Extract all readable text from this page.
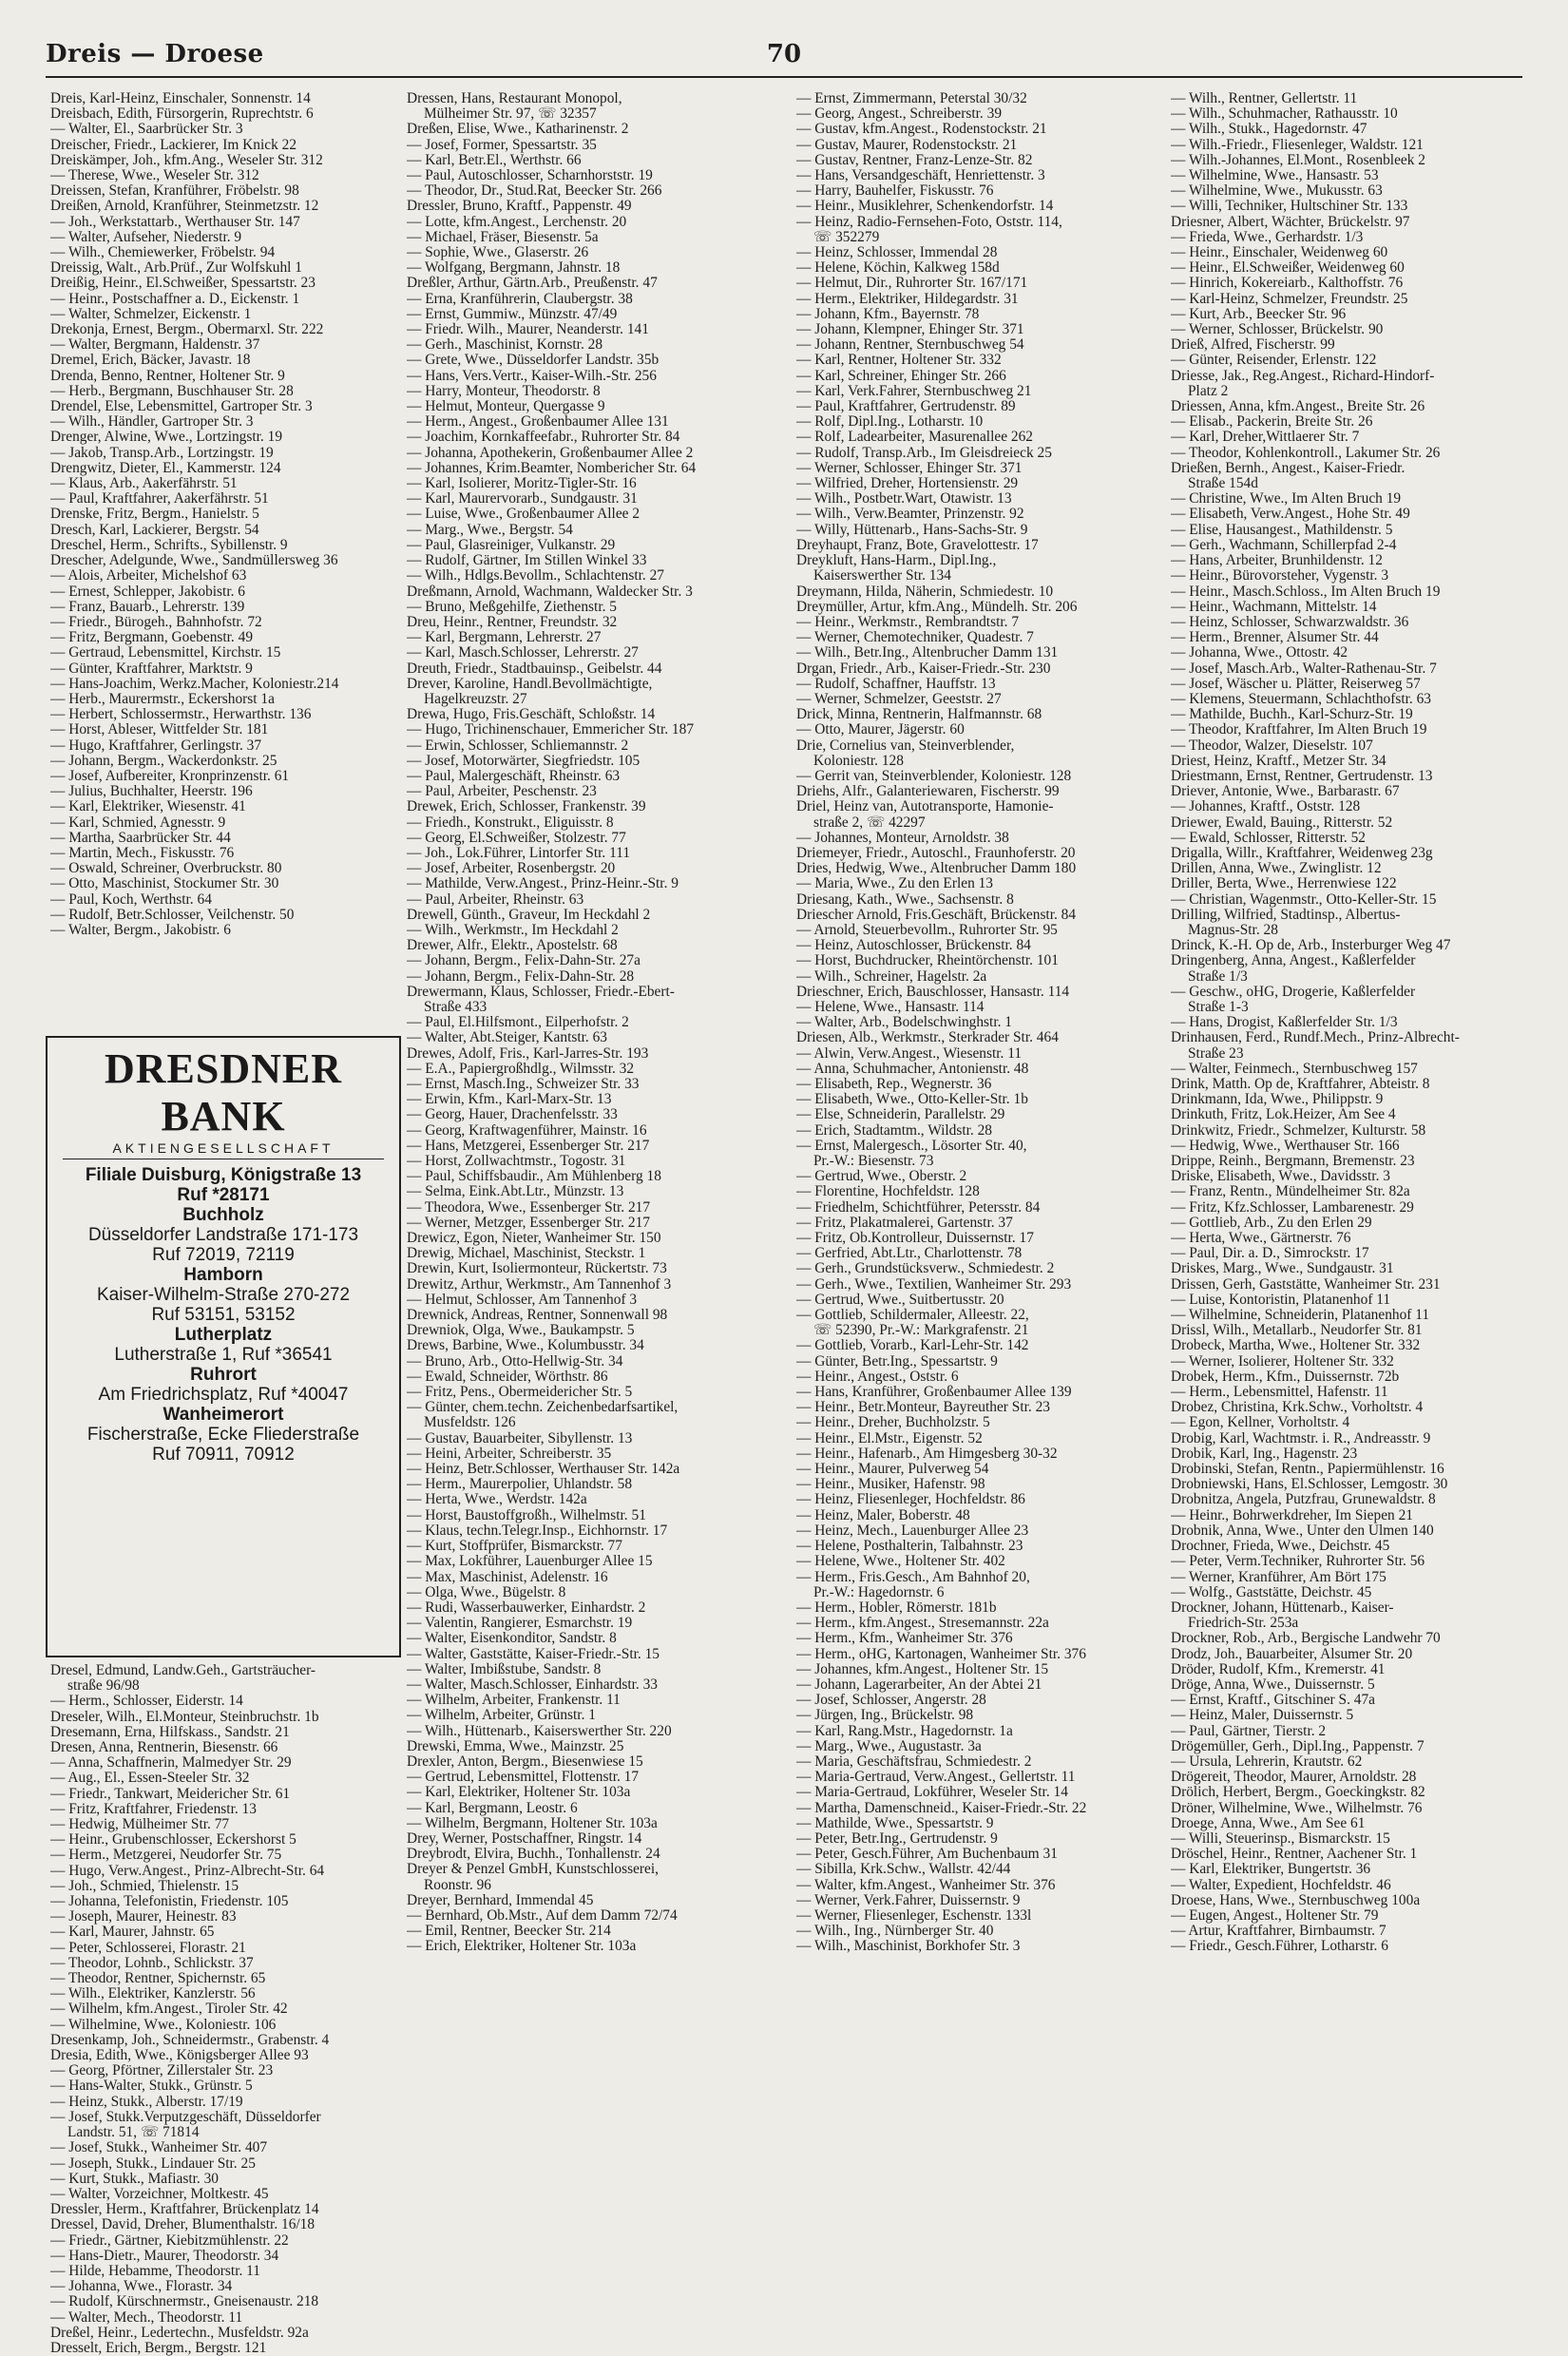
Dreis — Droese	70
Dreis, Karl-Heinz, Einschaler, Sonnenstr. 14
Dreisbach, Edith, Fürsorgerin, Ruprechtstr. 6
— Walter, El., Saarbrücker Str. 3
Dreischer, Friedr., Lackierer, Im Knick 22
Dreiskämper, Joh., kfm.Ang., Weseler Str. 312
— Therese, Wwe., Weseler Str. 312
Dreissen, Stefan, Kranführer, Fröbelstr. 98
Dreißen, Arnold, Kranführer, Steinmetzstr. 12
— Joh., Werkstattarb., Werthauser Str. 147
— Walter, Aufseher, Niederstr. 9
— Wilh., Chemiewerker, Fröbelstr. 94
Dreissig, Walt., Arb.Prüf., Zur Wolfskuhl 1
Dreißig, Heinr., El.Schweißer, Spessartstr. 23
— Heinr., Postschaffner a. D., Eickenstr. 1
— Walter, Schmelzer, Eickenstr. 1
Drekonja, Ernest, Bergm., Obermarxl. Str. 222
— Walter, Bergmann, Haldenstr. 37
Dremel, Erich, Bäcker, Javastr. 18
Drenda, Benno, Rentner, Holtener Str. 9
— Herb., Bergmann, Buschhauser Str. 28
Drendel, Else, Lebensmittel, Gartroper Str. 3
— Wilh., Händler, Gartroper Str. 3
Drenger, Alwine, Wwe., Lortzingstr. 19
— Jakob, Transp.Arb., Lortzingstr. 19
Drengwitz, Dieter, El., Kammerstr. 124
— Klaus, Arb., Aakerfährstr. 51
— Paul, Kraftfahrer, Aakerfährstr. 51
Drenske, Fritz, Bergm., Hanielstr. 5
Dresch, Karl, Lackierer, Bergstr. 54
Dreschel, Herm., Schrifts., Sybillenstr. 9
Drescher, Adelgunde, Wwe., Sandmüllersweg 36
— Alois, Arbeiter, Michelshof 63
— Ernest, Schlepper, Jakobistr. 6
— Franz, Bauarb., Lehrerstr. 139
— Friedr., Bürogeh., Bahnhofstr. 72
— Fritz, Bergmann, Goebenstr. 49
— Gertraud, Lebensmittel, Kirchstr. 15
— Günter, Kraftfahrer, Marktstr. 9
— Hans-Joachim, Werkz.Macher, Koloniestr.214
— Herb., Maurermstr., Eckershorst 1a
— Herbert, Schlossermstr., Herwarthstr. 136
— Horst, Ableser, Wittfelder Str. 181
— Hugo, Kraftfahrer, Gerlingstr. 37
— Johann, Bergm., Wackerdonkstr. 25
— Josef, Aufbereiter, Kronprinzenstr. 61
— Julius, Buchhalter, Heerstr. 196
— Karl, Elektriker, Wiesenstr. 41
— Karl, Schmied, Agnesstr. 9
— Martha, Saarbrücker Str. 44
— Martin, Mech., Fiskusstr. 76
— Oswald, Schreiner, Overbruckstr. 80
— Otto, Maschinist, Stockumer Str. 30
— Paul, Koch, Werthstr. 64
— Rudolf, Betr.Schlosser, Veilchenstr. 50
— Walter, Bergm., Jakobistr. 6
DRESDNER BANK
AKTIENGESELLSCHAFT
Filiale Duisburg, Königstraße 13
Ruf *28171
Buchholz
Düsseldorfer Landstraße 171-173
Ruf 72019, 72119
Hamborn
Kaiser-Wilhelm-Straße 270-272
Ruf 53151, 53152
Lutherplatz
Lutherstraße 1, Ruf *36541
Ruhrort
Am Friedrichsplatz, Ruf *40047
Wanheimerort
Fischerstraße, Ecke Fliederstraße
Ruf 70911, 70912
Dresel, Edmund, Landw.Geh., Gartsträucher-
straße 96/98
— Herm., Schlosser, Eiderstr. 14
Dreseler, Wilh., El.Monteur, Steinbruchstr. 1b
Dresemann, Erna, Hilfskass., Sandstr. 21
Dresen, Anna, Rentnerin, Biesenstr. 66
— Anna, Schaffnerin, Malmedyer Str. 29
— Aug., El., Essen-Steeler Str. 32
— Friedr., Tankwart, Meidericher Str. 61
— Fritz, Kraftfahrer, Friedenstr. 13
— Hedwig, Mülheimer Str. 77
— Heinr., Grubenschlosser, Eckershorst 5
— Herm., Metzgerei, Neudorfer Str. 75
— Hugo, Verw.Angest., Prinz-Albrecht-Str. 64
— Joh., Schmied, Thielenstr. 15
— Johanna, Telefonistin, Friedenstr. 105
— Joseph, Maurer, Heinestr. 83
— Karl, Maurer, Jahnstr. 65
— Peter, Schlosserei, Florastr. 21
— Theodor, Lohnb., Schlickstr. 37
— Theodor, Rentner, Spichernstr. 65
— Wilh., Elektriker, Kanzlerstr. 56
— Wilhelm, kfm.Angest., Tiroler Str. 42
— Wilhelmine, Wwe., Koloniestr. 106
Dresenkamp, Joh., Schneidermstr., Grabenstr. 4
Dresia, Edith, Wwe., Königsberger Allee 93
— Georg, Pförtner, Zillerstaler Str. 23
— Hans-Walter, Stukk., Grünstr. 5
— Heinz, Stukk., Alberstr. 17/19
— Josef, Stukk.Verputzgeschäft, Düsseldorfer
Landstr. 51, ☏ 71814
— Josef, Stukk., Wanheimer Str. 407
— Joseph, Stukk., Lindauer Str. 25
— Kurt, Stukk., Mafiastr. 30
— Walter, Vorzeichner, Moltkestr. 45
Dressler, Herm., Kraftfahrer, Brückenplatz 14
Dressel, David, Dreher, Blumenthalstr. 16/18
— Friedr., Gärtner, Kiebitzmühlenstr. 22
— Hans-Dietr., Maurer, Theodorstr. 34
— Hilde, Hebamme, Theodorstr. 11
— Johanna, Wwe., Florastr. 34
— Rudolf, Kürschnermstr., Gneisenaustr. 218
— Walter, Mech., Theodorstr. 11
Dreßel, Heinr., Ledertechn., Musfeldstr. 92a
Dresselt, Erich, Bergm., Bergstr. 121
Dressen, Hans, Restaurant Monopol,
Mülheimer Str. 97, ☏ 32357
Dreßen, Elise, Wwe., Katharinenstr. 2
— Josef, Former, Spessartstr. 35
— Karl, Betr.El., Werthstr. 66
— Paul, Autoschlosser, Scharnhorststr. 19
— Theodor, Dr., Stud.Rat, Beecker Str. 266
Dressler, Bruno, Kraftf., Pappenstr. 49
— Lotte, kfm.Angest., Lerchenstr. 20
— Michael, Fräser, Biesenstr. 5a
— Sophie, Wwe., Glaserstr. 26
— Wolfgang, Bergmann, Jahnstr. 18
Dreßler, Arthur, Gärtn.Arb., Preußenstr. 47
— Erna, Kranführerin, Claubergstr. 38
— Ernst, Gummiw., Münzstr. 47/49
— Friedr. Wilh., Maurer, Neanderstr. 141
— Gerh., Maschinist, Kornstr. 28
— Grete, Wwe., Düsseldorfer Landstr. 35b
— Hans, Vers.Vertr., Kaiser-Wilh.-Str. 256
— Harry, Monteur, Theodorstr. 8
— Helmut, Monteur, Quergasse 9
— Herm., Angest., Großenbaumer Allee 131
— Joachim, Kornkaffeefabr., Ruhrorter Str. 84
— Johanna, Apothekerin, Großenbaumer Allee 2
— Johannes, Krim.Beamter, Nombericher Str. 64
— Karl, Isolierer, Moritz-Tigler-Str. 16
— Karl, Maurervorarb., Sundgaustr. 31
— Luise, Wwe., Großenbaumer Allee 2
— Marg., Wwe., Bergstr. 54
— Paul, Glasreiniger, Vulkanstr. 29
— Rudolf, Gärtner, Im Stillen Winkel 33
— Wilh., Hdlgs.Bevollm., Schlachtenstr. 27
Dreßmann, Arnold, Wachmann, Waldecker Str. 3
— Bruno, Meßgehilfe, Ziethenstr. 5
Dreu, Heinr., Rentner, Freundstr. 32
— Karl, Bergmann, Lehrerstr. 27
— Karl, Masch.Schlosser, Lehrerstr. 27
Dreuth, Friedr., Stadtbauinsp., Geibelstr. 44
Drever, Karoline, Handl.Bevollmächtigte,
Hagelkreuzstr. 27
Drewa, Hugo, Fris.Geschäft, Schloßstr. 14
— Hugo, Trichinenschauer, Emmericher Str. 187
— Erwin, Schlosser, Schliemannstr. 2
— Josef, Motorwärter, Siegfriedstr. 105
— Paul, Malergeschäft, Rheinstr. 63
— Paul, Arbeiter, Peschenstr. 23
Drewek, Erich, Schlosser, Frankenstr. 39
— Friedh., Konstrukt., Eliguisstr. 8
— Georg, El.Schweißer, Stolzestr. 77
— Joh., Lok.Führer, Lintorfer Str. 111
— Josef, Arbeiter, Rosenbergstr. 20
— Mathilde, Verw.Angest., Prinz-Heinr.-Str. 9
— Paul, Arbeiter, Rheinstr. 63
Drewell, Günth., Graveur, Im Heckdahl 2
— Wilh., Werkmstr., Im Heckdahl 2
Drewer, Alfr., Elektr., Apostelstr. 68
— Johann, Bergm., Felix-Dahn-Str. 27a
— Johann, Bergm., Felix-Dahn-Str. 28
Drewermann, Klaus, Schlosser, Friedr.-Ebert-
Straße 433
— Paul, El.Hilfsmont., Eilperhofstr. 2
— Walter, Abt.Steiger, Kantstr. 63
Drewes, Adolf, Fris., Karl-Jarres-Str. 193
— E.A., Papiergroßhdlg., Wilmsstr. 32
— Ernst, Masch.Ing., Schweizer Str. 33
— Erwin, Kfm., Karl-Marx-Str. 13
— Georg, Hauer, Drachenfelsstr. 33
— Georg, Kraftwagenführer, Mainstr. 16
— Hans, Metzgerei, Essenberger Str. 217
— Horst, Zollwachtmstr., Togostr. 31
— Paul, Schiffsbaudir., Am Mühlenberg 18
— Selma, Eink.Abt.Ltr., Münzstr. 13
— Theodora, Wwe., Essenberger Str. 217
— Werner, Metzger, Essenberger Str. 217
Drewicz, Egon, Nieter, Wanheimer Str. 150
Drewig, Michael, Maschinist, Steckstr. 1
Drewin, Kurt, Isoliermonteur, Rückertstr. 73
Drewitz, Arthur, Werkmstr., Am Tannenhof 3
— Helmut, Schlosser, Am Tannenhof 3
Drewnick, Andreas, Rentner, Sonnenwall 98
Drewniok, Olga, Wwe., Baukampstr. 5
Drews, Barbine, Wwe., Kolumbusstr. 34
— Bruno, Arb., Otto-Hellwig-Str. 34
— Ewald, Schneider, Wörthstr. 86
— Fritz, Pens., Obermeidericher Str. 5
— Günter, chem.techn. Zeichenbedarfsartikel,
Musfeldstr. 126
— Gustav, Bauarbeiter, Sibyllenstr. 13
— Heini, Arbeiter, Schreiberstr. 35
— Heinz, Betr.Schlosser, Werthauser Str. 142a
— Herm., Maurerpolier, Uhlandstr. 58
— Herta, Wwe., Werdstr. 142a
— Horst, Baustoffgroßh., Wilhelmstr. 51
— Klaus, techn.Telegr.Insp., Eichhornstr. 17
— Kurt, Stoffprüfer, Bismarckstr. 77
— Max, Lokführer, Lauenburger Allee 15
— Max, Maschinist, Adelenstr. 16
— Olga, Wwe., Bügelstr. 8
— Rudi, Wasserbauwerker, Einhardstr. 2
— Valentin, Rangierer, Esmarchstr. 19
— Walter, Eisenkonditor, Sandstr. 8
— Walter, Gaststätte, Kaiser-Friedr.-Str. 15
— Walter, Imbißstube, Sandstr. 8
— Walter, Masch.Schlosser, Einhardstr. 33
— Wilhelm, Arbeiter, Frankenstr. 11
— Wilhelm, Arbeiter, Grünstr. 1
— Wilh., Hüttenarb., Kaiserswerther Str. 220
Drewski, Emma, Wwe., Mainzstr. 25
Drexler, Anton, Bergm., Biesenwiese 15
— Gertrud, Lebensmittel, Flottenstr. 17
— Karl, Elektriker, Holtener Str. 103a
— Karl, Bergmann, Leostr. 6
— Wilhelm, Bergmann, Holtener Str. 103a
Drey, Werner, Postschaffner, Ringstr. 14
Dreybrodt, Elvira, Buchh., Tonhallenstr. 24
Dreyer & Penzel GmbH, Kunstschlosserei,
Roonstr. 96
Dreyer, Bernhard, Immendal 45
— Bernhard, Ob.Mstr., Auf dem Damm 72/74
— Emil, Rentner, Beecker Str. 214
— Erich, Elektriker, Holtener Str. 103a
— Ernst, Zimmermann, Peterstal 30/32
— Georg, Angest., Schreiberstr. 39
— Gustav, kfm.Angest., Rodenstockstr. 21
— Gustav, Maurer, Rodenstockstr. 21
— Gustav, Rentner, Franz-Lenze-Str. 82
— Hans, Versandgeschäft, Henriettenstr. 3
— Harry, Bauhelfer, Fiskusstr. 76
— Heinr., Musiklehrer, Schenkendorfstr. 14
— Heinz, Radio-Fernsehen-Foto, Oststr. 114,
☏ 352279
— Heinz, Schlosser, Immendal 28
— Helene, Köchin, Kalkweg 158d
— Helmut, Dir., Ruhrorter Str. 167/171
— Herm., Elektriker, Hildegardstr. 31
— Johann, Kfm., Bayernstr. 78
— Johann, Klempner, Ehinger Str. 371
— Johann, Rentner, Sternbuschweg 54
— Karl, Rentner, Holtener Str. 332
— Karl, Schreiner, Ehinger Str. 266
— Karl, Verk.Fahrer, Sternbuschweg 21
— Paul, Kraftfahrer, Gertrudenstr. 89
— Rolf, Dipl.Ing., Lotharstr. 10
— Rolf, Ladearbeiter, Masurenallee 262
— Rudolf, Transp.Arb., Im Gleisdreieck 25
— Werner, Schlosser, Ehinger Str. 371
— Wilfried, Dreher, Hortensienstr. 29
— Wilh., Postbetr.Wart, Otawistr. 13
— Wilh., Verw.Beamter, Prinzenstr. 92
— Willy, Hüttenarb., Hans-Sachs-Str. 9
Dreyhaupt, Franz, Bote, Gravelottestr. 17
Dreykluft, Hans-Harm., Dipl.Ing.,
Kaiserswerther Str. 134
Dreymann, Hilda, Näherin, Schmiedestr. 10
Dreymüller, Artur, kfm.Ang., Mündelh. Str. 206
— Heinr., Werkmstr., Rembrandtstr. 7
— Werner, Chemotechniker, Quadestr. 7
— Wilh., Betr.Ing., Altenbrucher Damm 131
Drgan, Friedr., Arb., Kaiser-Friedr.-Str. 230
— Rudolf, Schaffner, Hauffstr. 13
— Werner, Schmelzer, Geeststr. 27
Drick, Minna, Rentnerin, Halfmannstr. 68
— Otto, Maurer, Jägerstr. 60
Drie, Cornelius van, Steinverblender,
Koloniestr. 128
— Gerrit van, Steinverblender, Koloniestr. 128
Driehs, Alfr., Galanteriewaren, Fischerstr. 99
Driel, Heinz van, Autotransporte, Hamonie-
straße 2, ☏ 42297
— Johannes, Monteur, Arnoldstr. 38
Driemeyer, Friedr., Autoschl., Fraunhoferstr. 20
Dries, Hedwig, Wwe., Altenbrucher Damm 180
— Maria, Wwe., Zu den Erlen 13
Driesang, Kath., Wwe., Sachsenstr. 8
Driescher Arnold, Fris.Geschäft, Brückenstr. 84
— Arnold, Steuerbevollm., Ruhrorter Str. 95
— Heinz, Autoschlosser, Brückenstr. 84
— Horst, Buchdrucker, Rheintörchenstr. 101
— Wilh., Schreiner, Hagelstr. 2a
Drieschner, Erich, Bauschlosser, Hansastr. 114
— Helene, Wwe., Hansastr. 114
— Walter, Arb., Bodelschwinghstr. 1
Driesen, Alb., Werkmstr., Sterkrader Str. 464
— Alwin, Verw.Angest., Wiesenstr. 11
— Anna, Schuhmacher, Antonienstr. 48
— Elisabeth, Rep., Wegnerstr. 36
— Elisabeth, Wwe., Otto-Keller-Str. 1b
— Else, Schneiderin, Parallelstr. 29
— Erich, Stadtamtm., Wildstr. 28
— Ernst, Malergesch., Lösorter Str. 40,
Pr.-W.: Biesenstr. 73
— Gertrud, Wwe., Oberstr. 2
— Florentine, Hochfeldstr. 128
— Friedhelm, Schichtführer, Petersstr. 84
— Fritz, Plakatmalerei, Gartenstr. 37
— Fritz, Ob.Kontrolleur, Duissernstr. 17
— Gerfried, Abt.Ltr., Charlottenstr. 78
— Gerh., Grundstücksverw., Schmiedestr. 2
— Gerh., Wwe., Textilien, Wanheimer Str. 293
— Gertrud, Wwe., Suitbertusstr. 20
— Gottlieb, Schildermaler, Alleestr. 22,
☏ 52390, Pr.-W.: Markgrafenstr. 21
— Gottlieb, Vorarb., Karl-Lehr-Str. 142
— Günter, Betr.Ing., Spessartstr. 9
— Heinr., Angest., Oststr. 6
— Hans, Kranführer, Großenbaumer Allee 139
— Heinr., Betr.Monteur, Bayreuther Str. 23
— Heinr., Dreher, Buchholzstr. 5
— Heinr., El.Mstr., Eigenstr. 52
— Heinr., Hafenarb., Am Himgesberg 30-32
— Heinr., Maurer, Pulverweg 54
— Heinr., Musiker, Hafenstr. 98
— Heinz, Fliesenleger, Hochfeldstr. 86
— Heinz, Maler, Boberstr. 48
— Heinz, Mech., Lauenburger Allee 23
— Helene, Posthalterin, Talbahnstr. 23
— Helene, Wwe., Holtener Str. 402
— Herm., Fris.Gesch., Am Bahnhof 20,
Pr.-W.: Hagedornstr. 6
— Herm., Hobler, Römerstr. 181b
— Herm., kfm.Angest., Stresemannstr. 22a
— Herm., Kfm., Wanheimer Str. 376
— Herm., oHG, Kartonagen, Wanheimer Str. 376
— Johannes, kfm.Angest., Holtener Str. 15
— Johann, Lagerarbeiter, An der Abtei 21
— Josef, Schlosser, Angerstr. 28
— Jürgen, Ing., Brückelstr. 98
— Karl, Rang.Mstr., Hagedornstr. 1a
— Marg., Wwe., Augustastr. 3a
— Maria, Geschäftsfrau, Schmiedestr. 2
— Maria-Gertraud, Verw.Angest., Gellertstr. 11
— Maria-Gertraud, Lokführer, Weseler Str. 14
— Martha, Damenschneid., Kaiser-Friedr.-Str. 22
— Mathilde, Wwe., Spessartstr. 9
— Peter, Betr.Ing., Gertrudenstr. 9
— Peter, Gesch.Führer, Am Buchenbaum 31
— Sibilla, Krk.Schw., Wallstr. 42/44
— Walter, kfm.Angest., Wanheimer Str. 376
— Werner, Verk.Fahrer, Duissernstr. 9
— Werner, Fliesenleger, Eschenstr. 133l
— Wilh., Ing., Nürnberger Str. 40
— Wilh., Maschinist, Borkhofer Str. 3
— Wilh., Rentner, Gellertstr. 11
— Wilh., Schuhmacher, Rathausstr. 10
— Wilh., Stukk., Hagedornstr. 47
— Wilh.-Friedr., Fliesenleger, Waldstr. 121
— Wilh.-Johannes, El.Mont., Rosenbleek 2
— Wilhelmine, Wwe., Hansastr. 53
— Wilhelmine, Wwe., Mukusstr. 63
— Willi, Techniker, Hultschiner Str. 133
Driesner, Albert, Wächter, Brückelstr. 97
— Frieda, Wwe., Gerhardstr. 1/3
— Heinr., Einschaler, Weidenweg 60
— Heinr., El.Schweißer, Weidenweg 60
— Hinrich, Kokereiarb., Kalthoffstr. 76
— Karl-Heinz, Schmelzer, Freundstr. 25
— Kurt, Arb., Beecker Str. 96
— Werner, Schlosser, Brückelstr. 90
Drieß, Alfred, Fischerstr. 99
— Günter, Reisender, Erlenstr. 122
Driesse, Jak., Reg.Angest., Richard-Hindorf-
Platz 2
Driessen, Anna, kfm.Angest., Breite Str. 26
— Elisab., Packerin, Breite Str. 26
— Karl, Dreher,Wittlaerer Str. 7
— Theodor, Kohlenkontroll., Lakumer Str. 26
Drießen, Bernh., Angest., Kaiser-Friedr.
Straße 154d
— Christine, Wwe., Im Alten Bruch 19
— Elisabeth, Verw.Angest., Hohe Str. 49
— Elise, Hausangest., Mathildenstr. 5
— Gerh., Wachmann, Schillerpfad 2-4
— Hans, Arbeiter, Brunhildenstr. 12
— Heinr., Bürovorsteher, Vygenstr. 3
— Heinr., Masch.Schloss., Im Alten Bruch 19
— Heinr., Wachmann, Mittelstr. 14
— Heinz, Schlosser, Schwarzwaldstr. 36
— Herm., Brenner, Alsumer Str. 44
— Johanna, Wwe., Ottostr. 42
— Josef, Masch.Arb., Walter-Rathenau-Str. 7
— Josef, Wäscher u. Plätter, Reiserweg 57
— Klemens, Steuermann, Schlachthofstr. 63
— Mathilde, Buchh., Karl-Schurz-Str. 19
— Theodor, Kraftfahrer, Im Alten Bruch 19
— Theodor, Walzer, Dieselstr. 107
Driest, Heinz, Kraftf., Metzer Str. 34
Driestmann, Ernst, Rentner, Gertrudenstr. 13
Driever, Antonie, Wwe., Barbarastr. 67
— Johannes, Kraftf., Oststr. 128
Driewer, Ewald, Bauing., Ritterstr. 52
— Ewald, Schlosser, Ritterstr. 52
Drigalla, Willr., Kraftfahrer, Weidenweg 23g
Drillen, Anna, Wwe., Zwinglistr. 12
Driller, Berta, Wwe., Herrenwiese 122
— Christian, Wagenmstr., Otto-Keller-Str. 15
Drilling, Wilfried, Stadtinsp., Albertus-
Magnus-Str. 28
Drinck, K.-H. Op de, Arb., Insterburger Weg 47
Dringenberg, Anna, Angest., Kaßlerfelder
Straße 1/3
— Geschw., oHG, Drogerie, Kaßlerfelder
Straße 1-3
— Hans, Drogist, Kaßlerfelder Str. 1/3
Drinhausen, Ferd., Rundf.Mech., Prinz-Albrecht-
Straße 23
— Walter, Feinmech., Sternbuschweg 157
Drink, Matth. Op de, Kraftfahrer, Abteistr. 8
Drinkmann, Ida, Wwe., Philippstr. 9
Drinkuth, Fritz, Lok.Heizer, Am See 4
Drinkwitz, Friedr., Schmelzer, Kulturstr. 58
— Hedwig, Wwe., Werthauser Str. 166
Drippe, Reinh., Bergmann, Bremenstr. 23
Driske, Elisabeth, Wwe., Davidsstr. 3
— Franz, Rentn., Mündelheimer Str. 82a
— Fritz, Kfz.Schlosser, Lambarenestr. 29
— Gottlieb, Arb., Zu den Erlen 29
— Herta, Wwe., Gärtnerstr. 76
— Paul, Dir. a. D., Simrockstr. 17
Driskes, Marg., Wwe., Sundgaustr. 31
Drissen, Gerh, Gaststätte, Wanheimer Str. 231
— Luise, Kontoristin, Platanenhof 11
— Wilhelmine, Schneiderin, Platanenhof 11
Drissl, Wilh., Metallarb., Neudorfer Str. 81
Drobeck, Martha, Wwe., Holtener Str. 332
— Werner, Isolierer, Holtener Str. 332
Drobek, Herm., Kfm., Duissernstr. 72b
— Herm., Lebensmittel, Hafenstr. 11
Drobez, Christina, Krk.Schw., Vorholtstr. 4
— Egon, Kellner, Vorholtstr. 4
Drobig, Karl, Wachtmstr. i. R., Andreasstr. 9
Drobik, Karl, Ing., Hagenstr. 23
Drobinski, Stefan, Rentn., Papiermühlenstr. 16
Drobniewski, Hans, El.Schlosser, Lemgostr. 30
Drobnitza, Angela, Putzfrau, Grunewaldstr. 8
— Heinr., Bohrwerkdreher, Im Siepen 21
Drobnik, Anna, Wwe., Unter den Ulmen 140
Drochner, Frieda, Wwe., Deichstr. 45
— Peter, Verm.Techniker, Ruhrorter Str. 56
— Werner, Kranführer, Am Bört 175
— Wolfg., Gaststätte, Deichstr. 45
Drockner, Johann, Hüttenarb., Kaiser-
Friedrich-Str. 253a
Drockner, Rob., Arb., Bergische Landwehr 70
Drodz, Joh., Bauarbeiter, Alsumer Str. 20
Dröder, Rudolf, Kfm., Kremerstr. 41
Dröge, Anna, Wwe., Duissernstr. 5
— Ernst, Kraftf., Gitschiner S. 47a
— Heinz, Maler, Duissernstr. 5
— Paul, Gärtner, Tierstr. 2
Drögemüller, Gerh., Dipl.Ing., Pappenstr. 7
— Ursula, Lehrerin, Krautstr. 62
Drögereit, Theodor, Maurer, Arnoldstr. 28
Drölich, Herbert, Bergm., Goeckingkstr. 82
Dröner, Wilhelmine, Wwe., Wilhelmstr. 76
Droege, Anna, Wwe., Am See 61
— Willi, Steuerinsp., Bismarckstr. 15
Dröschel, Heinr., Rentner, Aachener Str. 1
— Karl, Elektriker, Bungertstr. 36
— Walter, Expedient, Hochfeldstr. 46
Droese, Hans, Wwe., Sternbuschweg 100a
— Eugen, Angest., Holtener Str. 79
— Artur, Kraftfahrer, Birnbaumstr. 7
— Friedr., Gesch.Führer, Lotharstr. 6
